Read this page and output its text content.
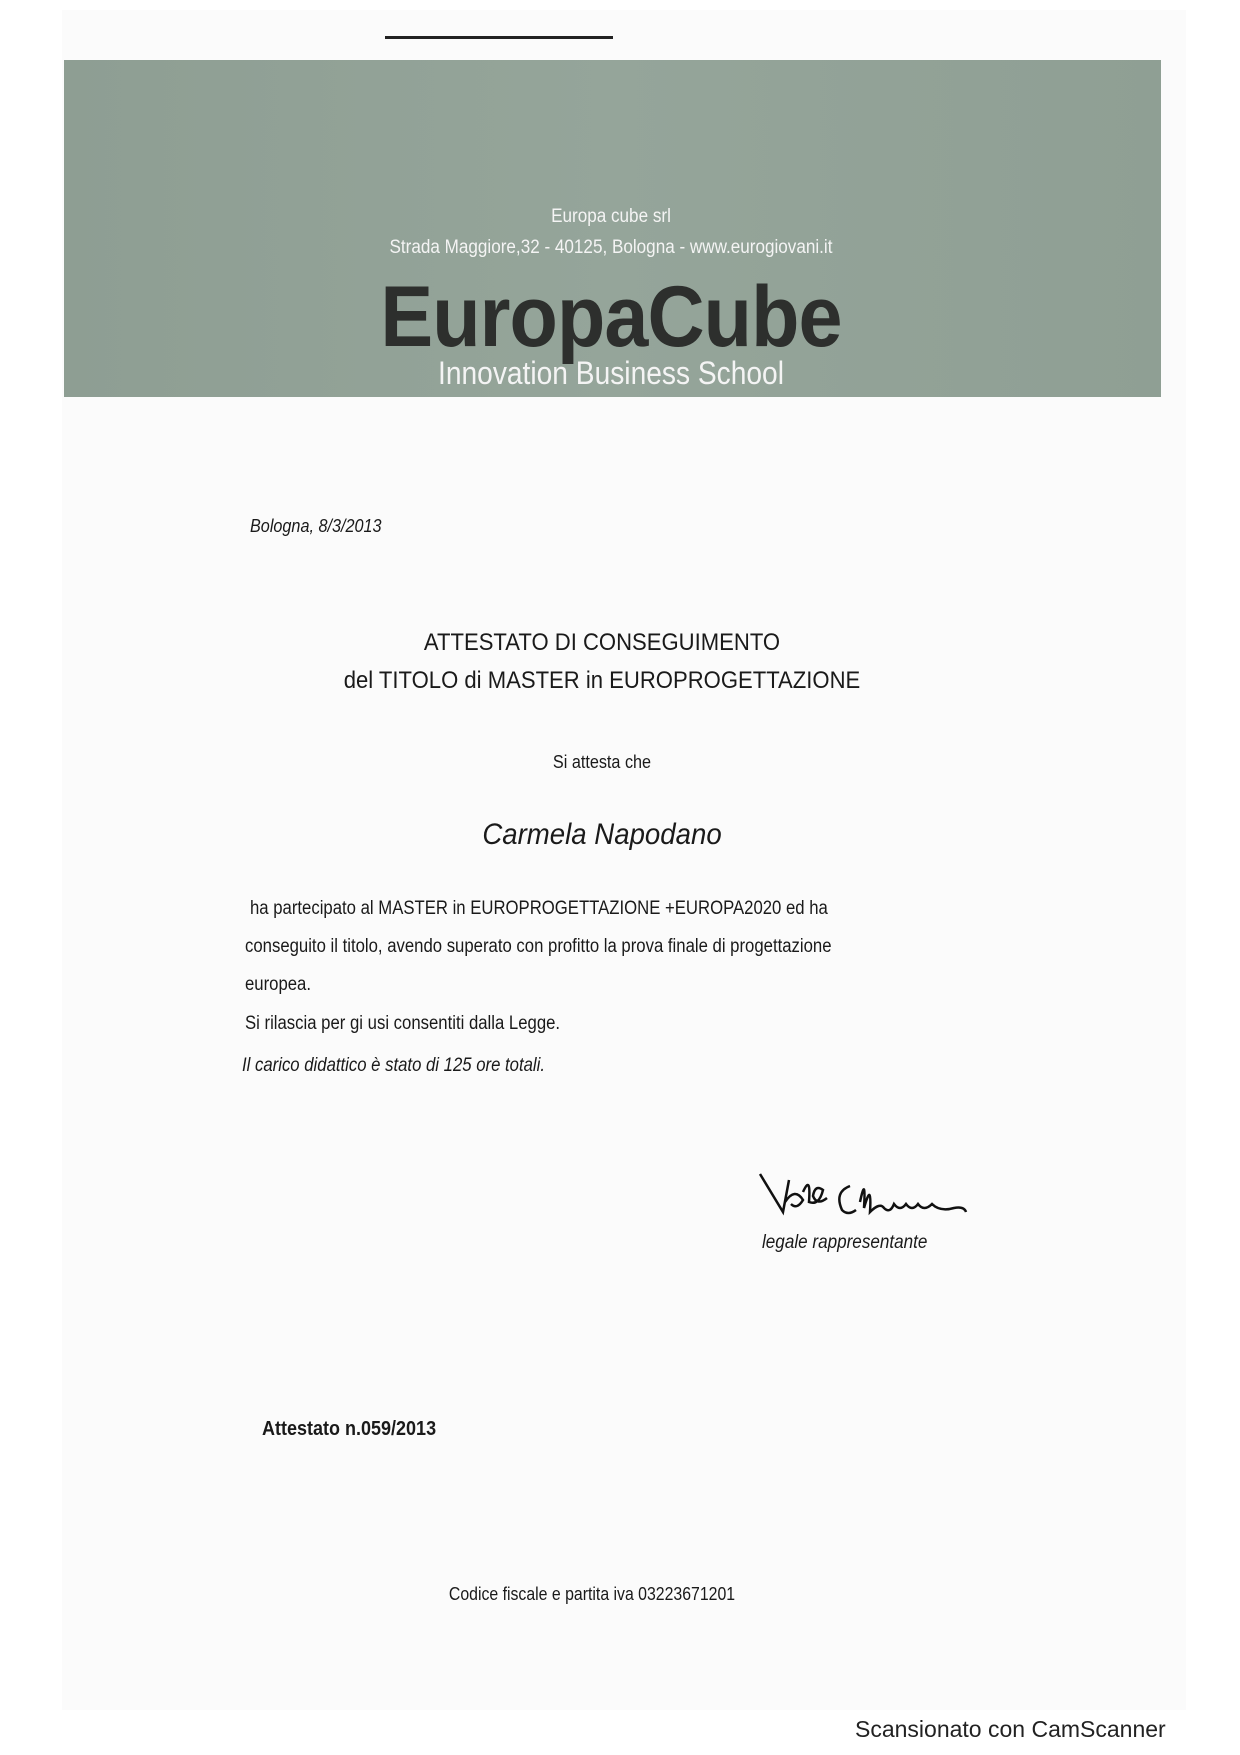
Europa cube srl
Strada Maggiore,32 - 40125, Bologna - www.eurogiovani.it
EuropaCube
Innovation Business School
Bologna, 8/3/2013
ATTESTATO DI CONSEGUIMENTO
del TITOLO di MASTER in EUROPROGETTAZIONE
Si attesta che
Carmela Napodano
ha partecipato al MASTER in EUROPROGETTAZIONE +EUROPA2020 ed ha
conseguito il titolo, avendo superato con profitto la prova finale di progettazione
europea.
Si rilascia per gi usi consentiti dalla Legge.
Il carico didattico è stato di 125 ore totali.
legale rappresentante
Attestato n.059/2013
Codice fiscale e partita iva 03223671201
Scansionato con CamScanner
